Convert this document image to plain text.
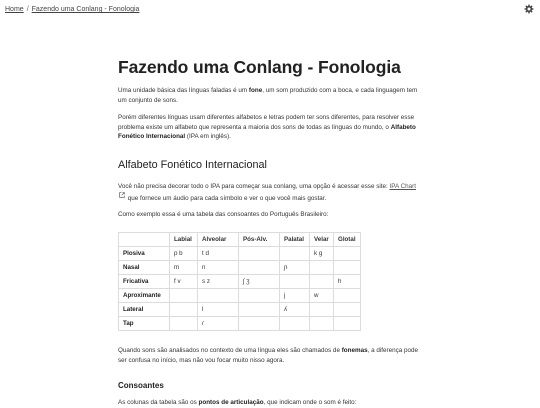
Home / Fazendo uma Conlang - Fonologia
Fazendo uma Conlang - Fonologia

Uma unidade básica das línguas faladas é um fone, um som produzido com a boca, e cada linguagem tem um conjunto de sons.

Porém diferentes línguas usam diferentes alfabetos e letras podem ter sons diferentes, para resolver esse problema existe um alfabeto que representa a maioria dos sons de todas as línguas do mundo, o Alfabeto Fonético Internacional (IPA em inglês).

Alfabeto Fonético Internacional

Você não precisa decorar todo o IPA para começar sua conlang, uma opção é acessar esse site: IPA Chart que fornece um áudio para cada símbolo e ver o que você mais gostar.

Como exemplo essa é uma tabela das consoantes do Português Brasileiro:

	Labial	Alveolar	Pós-Alv.	Palatal	Velar	Glotal
Plosiva	p b	t d			k g	
Nasal	m	n		ɲ		
Fricativa	f v	s z	ʃ ʒ			h
Aproximante				j	w	
Lateral		l		ʎ		
Tap		ɾ				

Quando sons são analisados no contexto de uma língua eles são chamados de fonemas, a diferença pode ser confusa no início, mas não vou focar muito nisso agora.

Consoantes

As colunas da tabela são os pontos de articulação, que indicam onde o som é feito:
